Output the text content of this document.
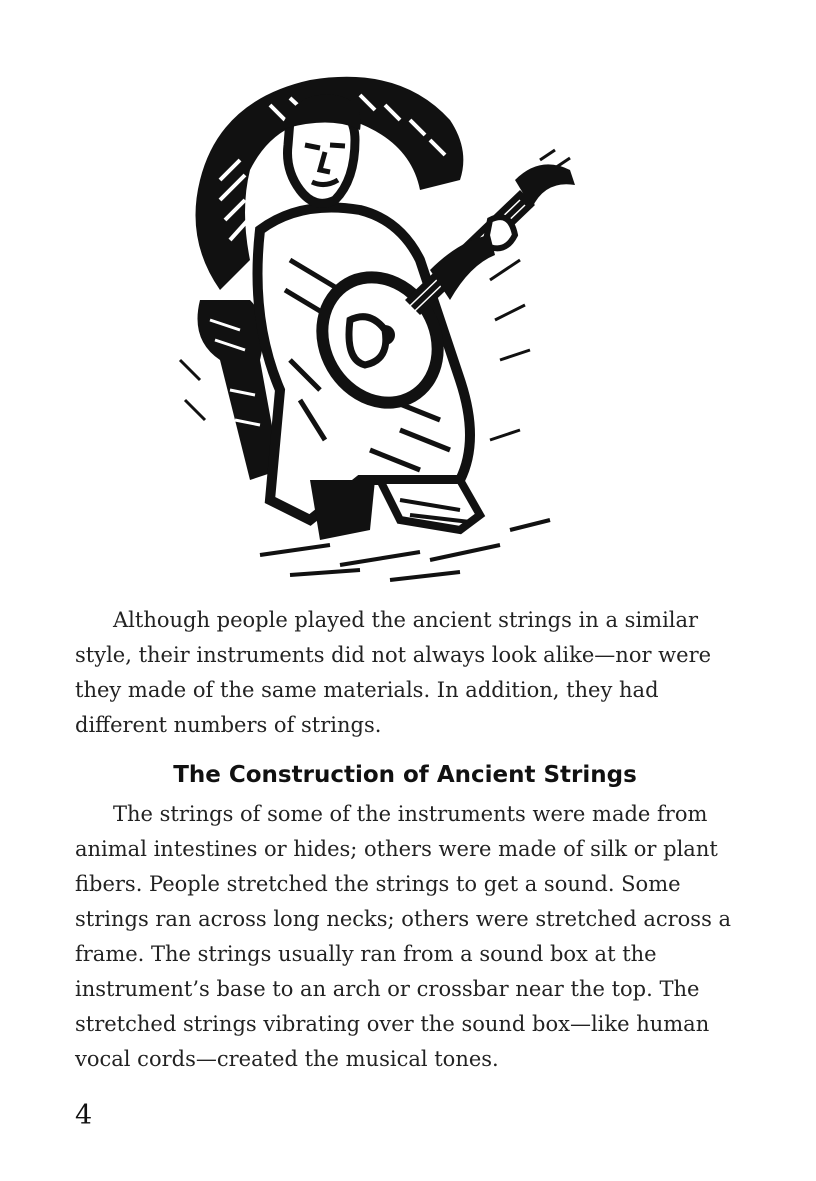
Although people played the ancient strings in a similar style, their instruments did not always look alike—nor were they made of the same materials. In addition, they had different numbers of strings.

The Construction of Ancient Strings

The strings of some of the instruments were made from animal intestines or hides; others were made of silk or plant fibers. People stretched the strings to get a sound. Some strings ran across long necks; others were stretched across a frame. The strings usually ran from a sound box at the instrument’s base to an arch or crossbar near the top. The stretched strings vibrating over the sound box—like human vocal cords—created the musical tones.

4
